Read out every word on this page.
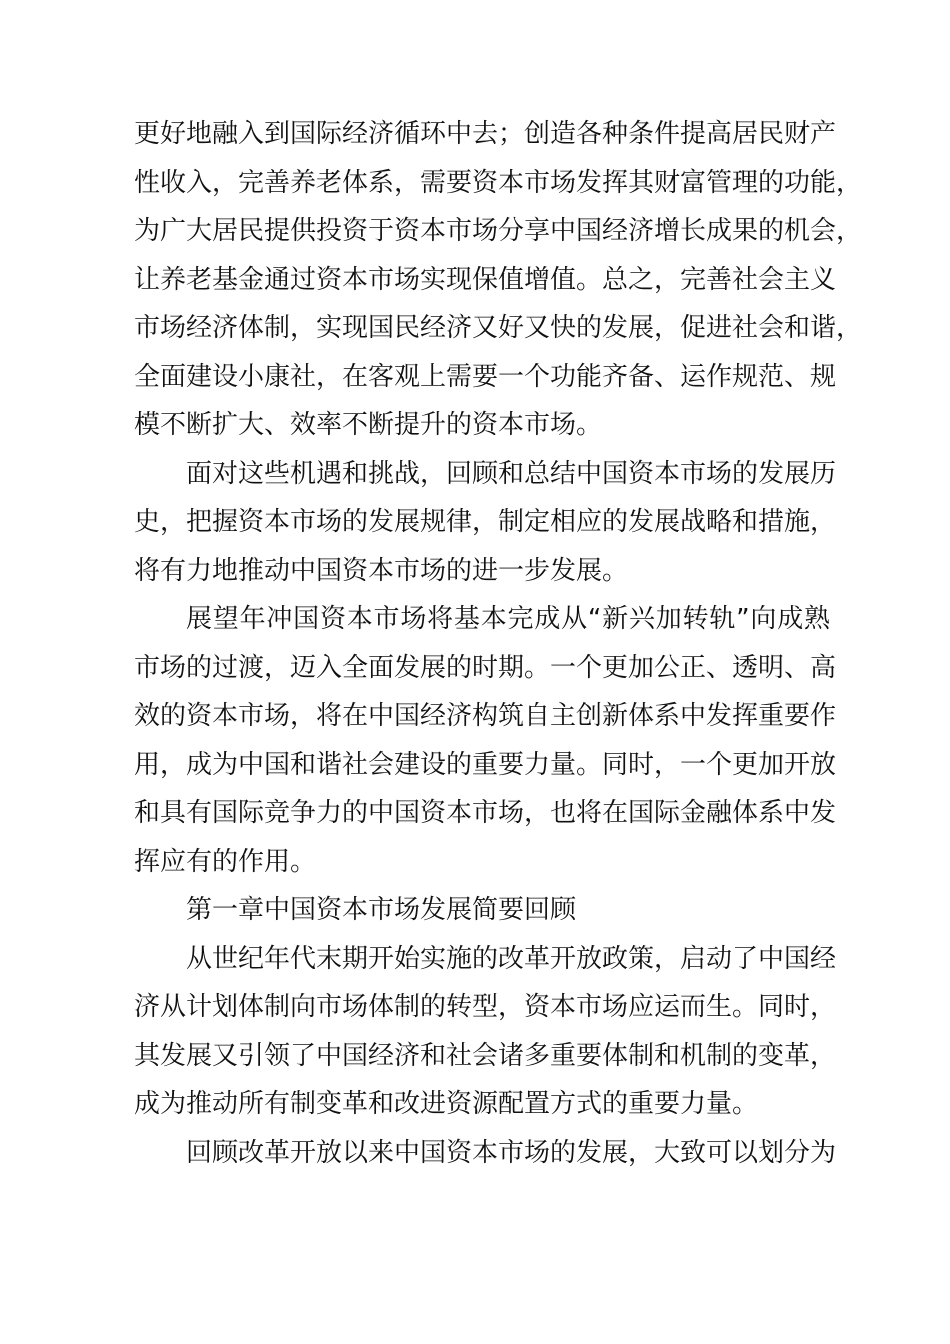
更好地融入到国际经济循环中去；创造各种条件提高居民财产
性收入，完善养老体系，需要资本市场发挥其财富管理的功能，
为广大居民提供投资于资本市场分享中国经济增长成果的机会，
让养老基金通过资本市场实现保值增值。总之，完善社会主义
市场经济体制，实现国民经济又好又快的发展，促进社会和谐，
全面建设小康社，在客观上需要一个功能齐备、运作规范、规
模不断扩大、效率不断提升的资本市场。
面对这些机遇和挑战，回顾和总结中国资本市场的发展历
史，把握资本市场的发展规律，制定相应的发展战略和措施，
将有力地推动中国资本市场的进一步发展。
展望年冲国资本市场将基本完成从“新兴加转轨”向成熟
市场的过渡，迈入全面发展的时期。一个更加公正、透明、高
效的资本市场，将在中国经济构筑自主创新体系中发挥重要作
用，成为中国和谐社会建设的重要力量。同时，一个更加开放
和具有国际竞争力的中国资本市场，也将在国际金融体系中发
挥应有的作用。
第一章中国资本市场发展简要回顾
从世纪年代末期开始实施的改革开放政策，启动了中国经
济从计划体制向市场体制的转型，资本市场应运而生。同时，
其发展又引领了中国经济和社会诸多重要体制和机制的变革，
成为推动所有制变革和改进资源配置方式的重要力量。
回顾改革开放以来中国资本市场的发展，大致可以划分为
